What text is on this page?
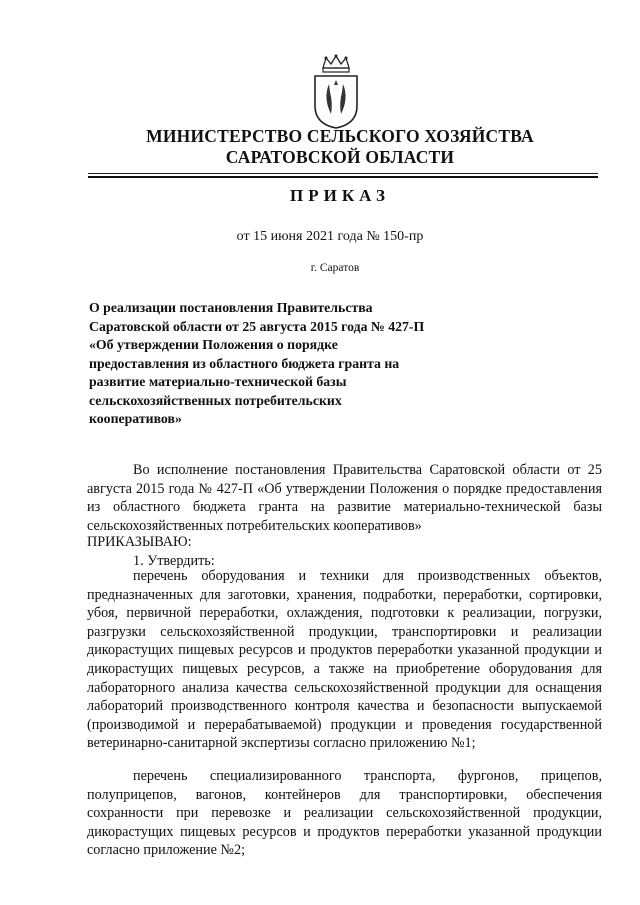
МИНИСТЕРСТВО СЕЛЬСКОГО ХОЗЯЙСТВА
САРАТОВСКОЙ ОБЛАСТИ
ПРИКАЗ
от 15 июня 2021 года № 150-пр
г. Саратов
О реализации постановления Правительства
Саратовской области от 25 августа 2015 года № 427-П
«Об утверждении Положения о порядке
предоставления из областного бюджета гранта на
развитие материально-технической базы
сельскохозяйственных потребительских
кооперативов»
Во исполнение постановления Правительства Саратовской области от 25 августа 2015 года № 427-П «Об утверждении Положения о порядке предоставления из областного бюджета гранта на развитие материально-технической базы сельскохозяйственных потребительских кооперативов»
ПРИКАЗЫВАЮ:
1. Утвердить:
перечень оборудования и техники для производственных объектов, предназначенных для заготовки, хранения, подработки, переработки, сортировки, убоя, первичной переработки, охлаждения, подготовки к реализации, погрузки, разгрузки сельскохозяйственной продукции, транспортировки и реализации дикорастущих пищевых ресурсов и продуктов переработки указанной продукции и дикорастущих пищевых ресурсов, а также на приобретение оборудования для лабораторного анализа качества сельскохозяйственной продукции для оснащения лабораторий производственного контроля качества и безопасности выпускаемой (производимой и перерабатываемой) продукции и проведения государственной ветеринарно-санитарной экспертизы согласно приложению №1;
перечень специализированного транспорта, фургонов, прицепов, полуприцепов, вагонов, контейнеров для транспортировки, обеспечения сохранности при перевозке и реализации сельскохозяйственной продукции, дикорастущих пищевых ресурсов и продуктов переработки указанной продукции согласно приложение №2;
